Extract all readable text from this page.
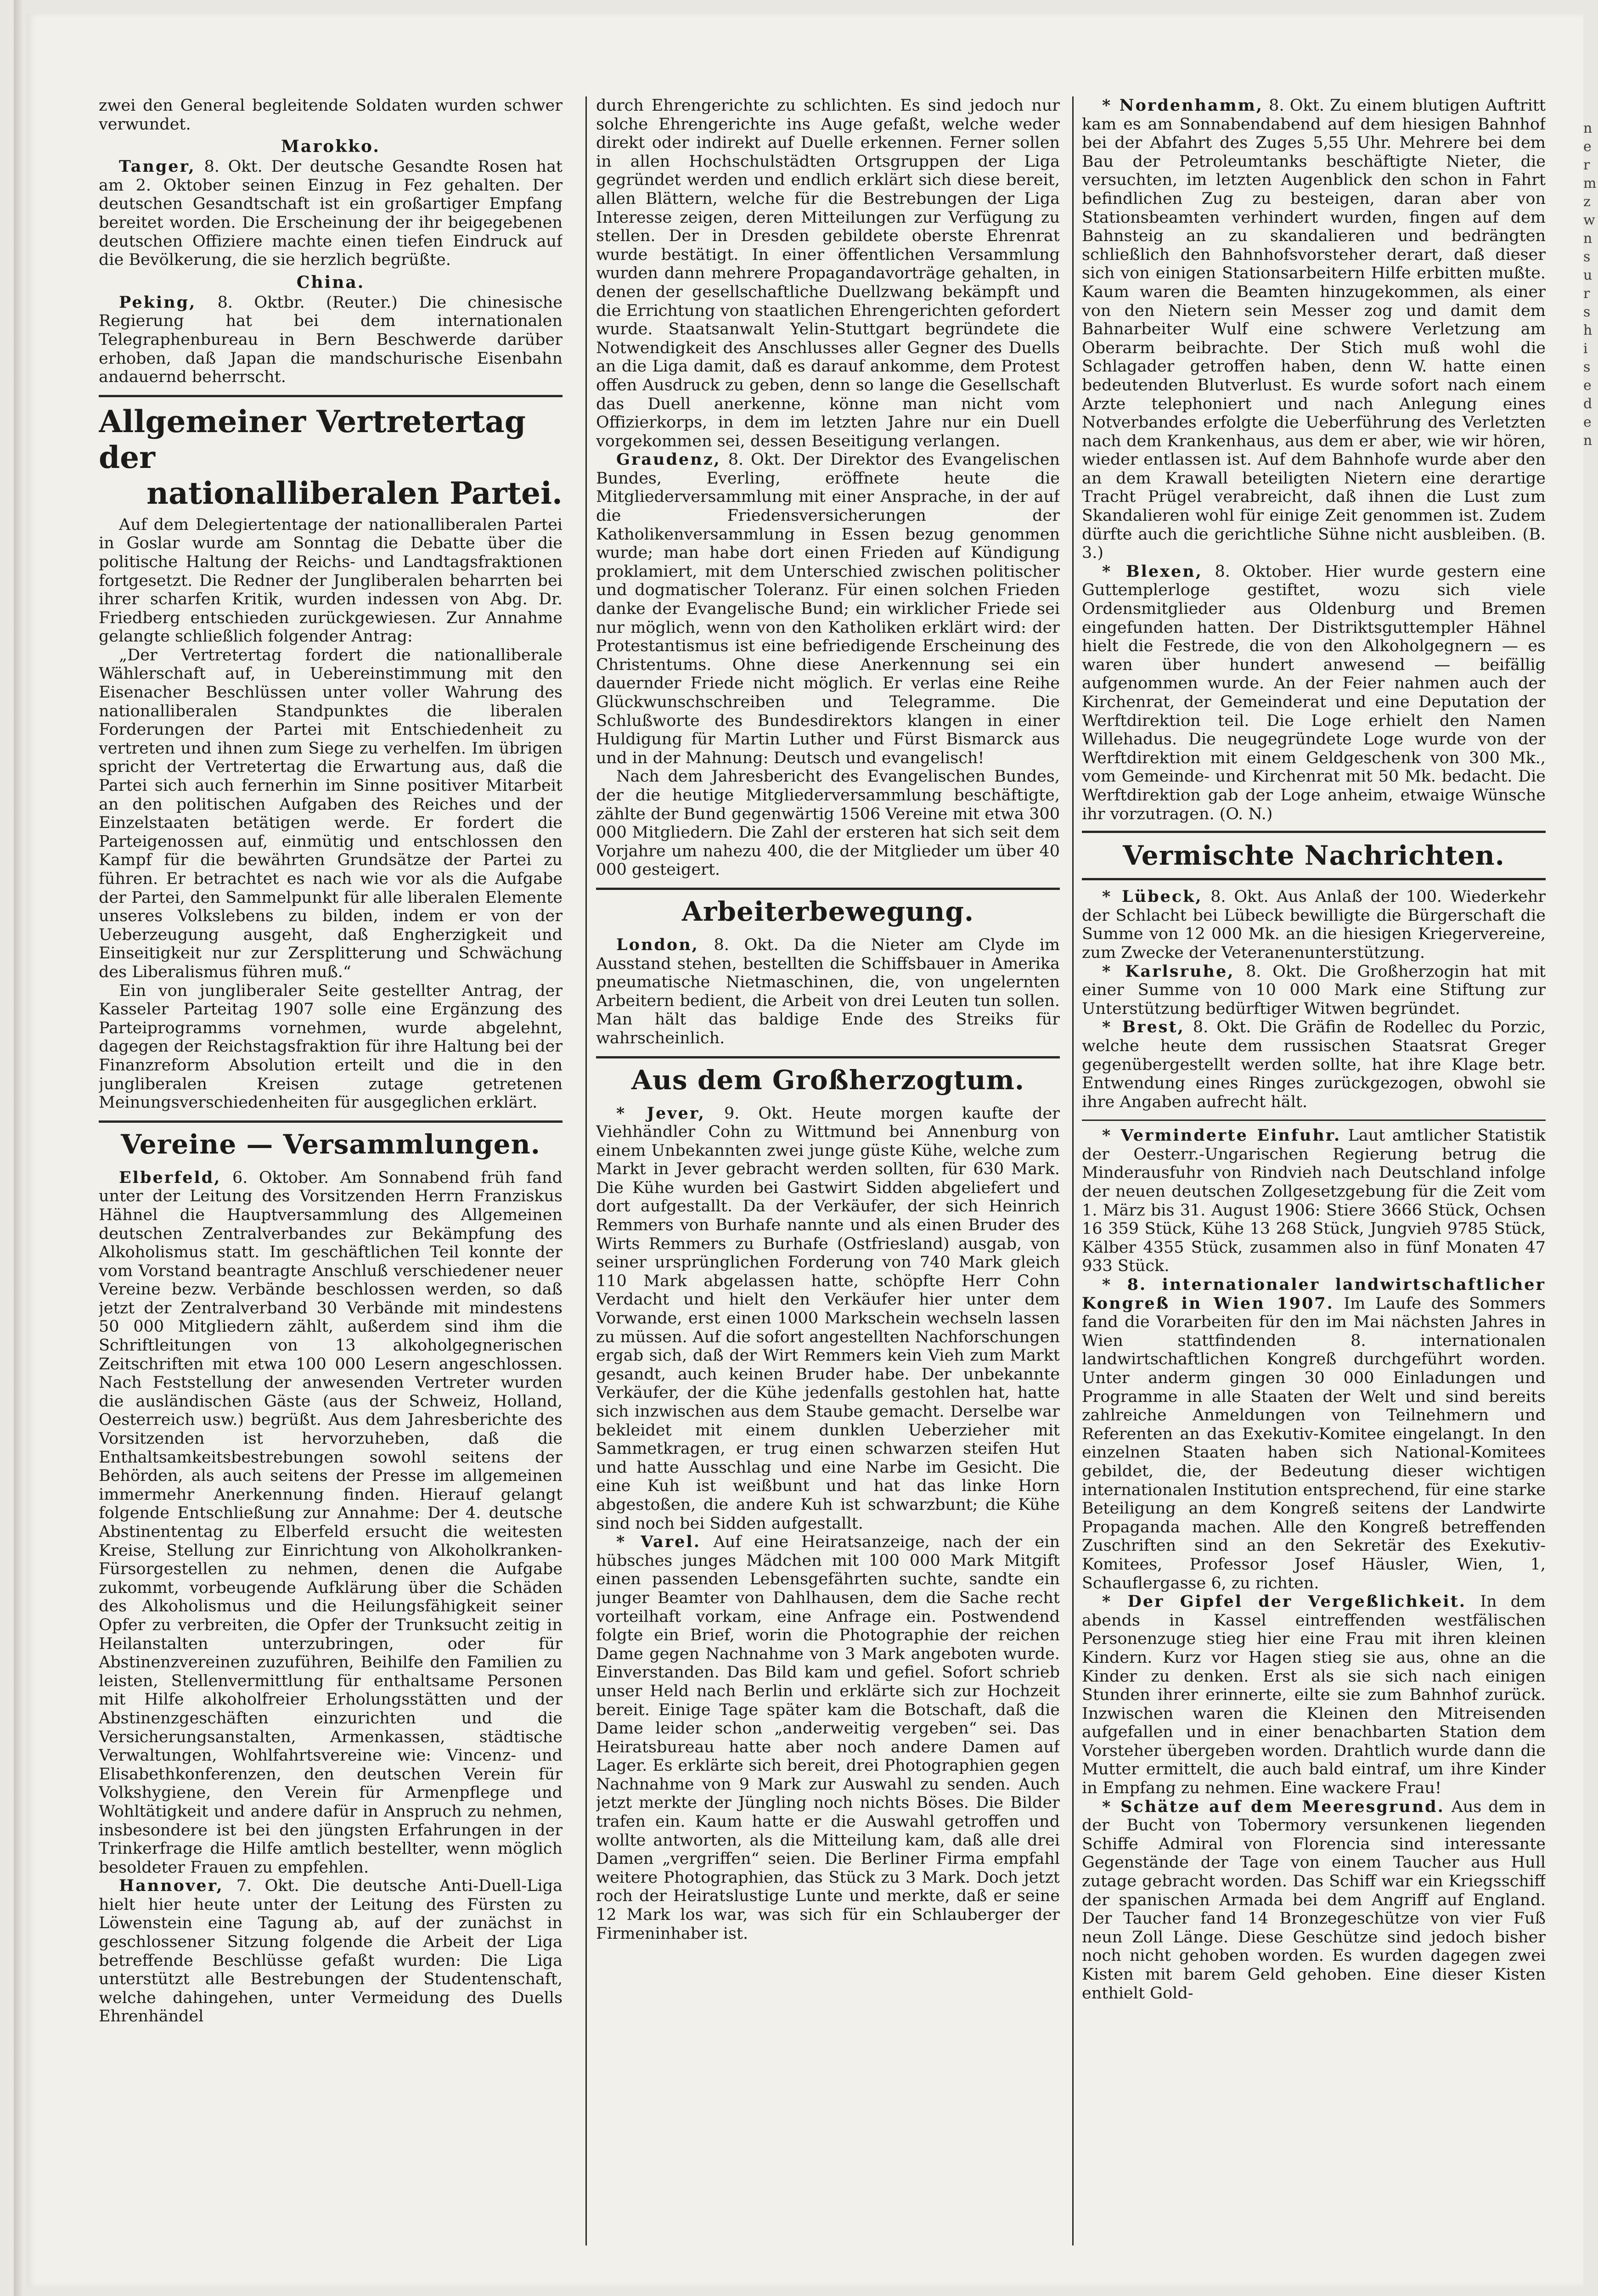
zwei den General begleitende Soldaten wurden schwer verwundet.

Marokko.

Tanger, 8. Okt. Der deutsche Gesandte Rosen hat am 2. Oktober seinen Einzug in Fez gehalten. Der deutschen Gesandtschaft ist ein großartiger Empfang bereitet worden. Die Erscheinung der ihr beigegebenen deutschen Offiziere machte einen tiefen Eindruck auf die Bevölkerung, die sie herzlich begrüßte.

China.

Peking, 8. Oktbr. (Reuter.) Die chinesische Regierung hat bei dem internationalen Telegraphenbureau in Bern Beschwerde darüber erhoben, daß Japan die mandschurische Eisenbahn andauernd beherrscht.

Allgemeiner Vertretertag der
nationalliberalen Partei.

Auf dem Delegiertentage der nationalliberalen Partei in Goslar wurde am Sonntag die Debatte über die politische Haltung der Reichs- und Landtagsfraktionen fortgesetzt. Die Redner der Jungliberalen beharrten bei ihrer scharfen Kritik, wurden indessen von Abg. Dr. Friedberg entschieden zurückgewiesen. Zur Annahme gelangte schließlich folgender Antrag:

„Der Vertretertag fordert die nationalliberale Wählerschaft auf, in Uebereinstimmung mit den Eisenacher Beschlüssen unter voller Wahrung des nationalliberalen Standpunktes die liberalen Forderungen der Partei mit Entschiedenheit zu vertreten und ihnen zum Siege zu verhelfen. Im übrigen spricht der Vertretertag die Erwartung aus, daß die Partei sich auch fernerhin im Sinne positiver Mitarbeit an den politischen Aufgaben des Reiches und der Einzelstaaten betätigen werde. Er fordert die Parteigenossen auf, einmütig und entschlossen den Kampf für die bewährten Grundsätze der Partei zu führen. Er betrachtet es nach wie vor als die Aufgabe der Partei, den Sammelpunkt für alle liberalen Elemente unseres Volkslebens zu bilden, indem er von der Ueberzeugung ausgeht, daß Engherzigkeit und Einseitigkeit nur zur Zersplitterung und Schwächung des Liberalismus führen muß.“

Ein von jungliberaler Seite gestellter Antrag, der Kasseler Parteitag 1907 solle eine Ergänzung des Parteiprogramms vornehmen, wurde abgelehnt, dagegen der Reichstagsfraktion für ihre Haltung bei der Finanzreform Absolution erteilt und die in den jungliberalen Kreisen zutage getretenen Meinungsverschiedenheiten für ausgeglichen erklärt.

Vereine — Versammlungen.

Elberfeld, 6. Oktober. Am Sonnabend früh fand unter der Leitung des Vorsitzenden Herrn Franziskus Hähnel die Hauptversammlung des Allgemeinen deutschen Zentralverbandes zur Bekämpfung des Alkoholismus statt. Im geschäftlichen Teil konnte der vom Vorstand beantragte Anschluß verschiedener neuer Vereine bezw. Verbände beschlossen werden, so daß jetzt der Zentralverband 30 Verbände mit mindestens 50 000 Mitgliedern zählt, außerdem sind ihm die Schriftleitungen von 13 alkoholgegnerischen Zeitschriften mit etwa 100 000 Lesern angeschlossen. Nach Feststellung der anwesenden Vertreter wurden die ausländischen Gäste (aus der Schweiz, Holland, Oesterreich usw.) begrüßt. Aus dem Jahresberichte des Vorsitzenden ist hervorzuheben, daß die Enthaltsamkeitsbestrebungen sowohl seitens der Behörden, als auch seitens der Presse im allgemeinen immermehr Anerkennung finden. Hierauf gelangt folgende Entschließung zur Annahme: Der 4. deutsche Abstinententag zu Elberfeld ersucht die weitesten Kreise, Stellung zur Einrichtung von Alkoholkranken-Fürsorgestellen zu nehmen, denen die Aufgabe zukommt, vorbeugende Aufklärung über die Schäden des Alkoholismus und die Heilungsfähigkeit seiner Opfer zu verbreiten, die Opfer der Trunksucht zeitig in Heilanstalten unterzubringen, oder für Abstinenzvereinen zuzuführen, Beihilfe den Familien zu leisten, Stellenvermittlung für enthaltsame Personen mit Hilfe alkoholfreier Erholungsstätten und der Abstinenzgeschäften einzurichten und die Versicherungsanstalten, Armenkassen, städtische Verwaltungen, Wohlfahrtsvereine wie: Vincenz- und Elisabethkonferenzen, den deutschen Verein für Volkshygiene, den Verein für Armenpflege und Wohltätigkeit und andere dafür in Anspruch zu nehmen, insbesondere ist bei den jüngsten Erfahrungen in der Trinkerfrage die Hilfe amtlich bestellter, wenn möglich besoldeter Frauen zu empfehlen.

Hannover, 7. Okt. Die deutsche Anti-Duell-Liga hielt hier heute unter der Leitung des Fürsten zu Löwenstein eine Tagung ab, auf der zunächst in geschlossener Sitzung folgende die Arbeit der Liga betreffende Beschlüsse gefaßt wurden: Die Liga unterstützt alle Bestrebungen der Studentenschaft, welche dahingehen, unter Vermeidung des Duells Ehrenhändel

durch Ehrengerichte zu schlichten. Es sind jedoch nur solche Ehrengerichte ins Auge gefaßt, welche weder direkt oder indirekt auf Duelle erkennen. Ferner sollen in allen Hochschulstädten Ortsgruppen der Liga gegründet werden und endlich erklärt sich diese bereit, allen Blättern, welche für die Bestrebungen der Liga Interesse zeigen, deren Mitteilungen zur Verfügung zu stellen. Der in Dresden gebildete oberste Ehrenrat wurde bestätigt. In einer öffentlichen Versammlung wurden dann mehrere Propagandavorträge gehalten, in denen der gesellschaftliche Duellzwang bekämpft und die Errichtung von staatlichen Ehrengerichten gefordert wurde. Staatsanwalt Yelin-Stuttgart begründete die Notwendigkeit des Anschlusses aller Gegner des Duells an die Liga damit, daß es darauf ankomme, dem Protest offen Ausdruck zu geben, denn so lange die Gesellschaft das Duell anerkenne, könne man nicht vom Offizierkorps, in dem im letzten Jahre nur ein Duell vorgekommen sei, dessen Beseitigung verlangen.

Graudenz, 8. Okt. Der Direktor des Evangelischen Bundes, Everling, eröffnete heute die Mitgliederversammlung mit einer Ansprache, in der auf die Friedensversicherungen der Katholikenversammlung in Essen bezug genommen wurde; man habe dort einen Frieden auf Kündigung proklamiert, mit dem Unterschied zwischen politischer und dogmatischer Toleranz. Für einen solchen Frieden danke der Evangelische Bund; ein wirklicher Friede sei nur möglich, wenn von den Katholiken erklärt wird: der Protestantismus ist eine befriedigende Erscheinung des Christentums. Ohne diese Anerkennung sei ein dauernder Friede nicht möglich. Er verlas eine Reihe Glückwunschschreiben und Telegramme. Die Schlußworte des Bundesdirektors klangen in einer Huldigung für Martin Luther und Fürst Bismarck aus und in der Mahnung: Deutsch und evangelisch!

Nach dem Jahresbericht des Evangelischen Bundes, der die heutige Mitgliederversammlung beschäftigte, zählte der Bund gegenwärtig 1506 Vereine mit etwa 300 000 Mitgliedern. Die Zahl der ersteren hat sich seit dem Vorjahre um nahezu 400, die der Mitglieder um über 40 000 gesteigert.

Arbeiterbewegung.

London, 8. Okt. Da die Nieter am Clyde im Ausstand stehen, bestellten die Schiffsbauer in Amerika pneumatische Nietmaschinen, die, von ungelernten Arbeitern bedient, die Arbeit von drei Leuten tun sollen. Man hält das baldige Ende des Streiks für wahrscheinlich.

Aus dem Großherzogtum.

* Jever, 9. Okt. Heute morgen kaufte der Viehhändler Cohn zu Wittmund bei Annenburg von einem Unbekannten zwei junge güste Kühe, welche zum Markt in Jever gebracht werden sollten, für 630 Mark. Die Kühe wurden bei Gastwirt Sidden abgeliefert und dort aufgestallt. Da der Verkäufer, der sich Heinrich Remmers von Burhafe nannte und als einen Bruder des Wirts Remmers zu Burhafe (Ostfriesland) ausgab, von seiner ursprünglichen Forderung von 740 Mark gleich 110 Mark abgelassen hatte, schöpfte Herr Cohn Verdacht und hielt den Verkäufer hier unter dem Vorwande, erst einen 1000 Markschein wechseln lassen zu müssen. Auf die sofort angestellten Nachforschungen ergab sich, daß der Wirt Remmers kein Vieh zum Markt gesandt, auch keinen Bruder habe. Der unbekannte Verkäufer, der die Kühe jedenfalls gestohlen hat, hatte sich inzwischen aus dem Staube gemacht. Derselbe war bekleidet mit einem dunklen Ueberzieher mit Sammetkragen, er trug einen schwarzen steifen Hut und hatte Ausschlag und eine Narbe im Gesicht. Die eine Kuh ist weißbunt und hat das linke Horn abgestoßen, die andere Kuh ist schwarzbunt; die Kühe sind noch bei Sidden aufgestallt.

* Varel. Auf eine Heiratsanzeige, nach der ein hübsches junges Mädchen mit 100 000 Mark Mitgift einen passenden Lebensgefährten suchte, sandte ein junger Beamter von Dahlhausen, dem die Sache recht vorteilhaft vorkam, eine Anfrage ein. Postwendend folgte ein Brief, worin die Photographie der reichen Dame gegen Nachnahme von 3 Mark angeboten wurde. Einverstanden. Das Bild kam und gefiel. Sofort schrieb unser Held nach Berlin und erklärte sich zur Hochzeit bereit. Einige Tage später kam die Botschaft, daß die Dame leider schon „anderweitig vergeben“ sei. Das Heiratsbureau hatte aber noch andere Damen auf Lager. Es erklärte sich bereit, drei Photographien gegen Nachnahme von 9 Mark zur Auswahl zu senden. Auch jetzt merkte der Jüngling noch nichts Böses. Die Bilder trafen ein. Kaum hatte er die Auswahl getroffen und wollte antworten, als die Mitteilung kam, daß alle drei Damen „vergriffen“ seien. Die Berliner Firma empfahl weitere Photographien, das Stück zu 3 Mark. Doch jetzt roch der Heiratslustige Lunte und merkte, daß er seine 12 Mark los war, was sich für ein Schlauberger der Firmeninhaber ist.

* Nordenhamm, 8. Okt. Zu einem blutigen Auftritt kam es am Sonnabendabend auf dem hiesigen Bahnhof bei der Abfahrt des Zuges 5,55 Uhr. Mehrere bei dem Bau der Petroleumtanks beschäftigte Nieter, die versuchten, im letzten Augenblick den schon in Fahrt befindlichen Zug zu besteigen, daran aber von Stationsbeamten verhindert wurden, fingen auf dem Bahnsteig an zu skandalieren und bedrängten schließlich den Bahnhofsvorsteher derart, daß dieser sich von einigen Stationsarbeitern Hilfe erbitten mußte. Kaum waren die Beamten hinzugekommen, als einer von den Nietern sein Messer zog und damit dem Bahnarbeiter Wulf eine schwere Verletzung am Oberarm beibrachte. Der Stich muß wohl die Schlagader getroffen haben, denn W. hatte einen bedeutenden Blutverlust. Es wurde sofort nach einem Arzte telephoniert und nach Anlegung eines Notverbandes erfolgte die Ueberführung des Verletzten nach dem Krankenhaus, aus dem er aber, wie wir hören, wieder entlassen ist. Auf dem Bahnhofe wurde aber den an dem Krawall beteiligten Nietern eine derartige Tracht Prügel verabreicht, daß ihnen die Lust zum Skandalieren wohl für einige Zeit genommen ist. Zudem dürfte auch die gerichtliche Sühne nicht ausbleiben. (B. 3.)

* Blexen, 8. Oktober. Hier wurde gestern eine Guttemplerloge gestiftet, wozu sich viele Ordensmitglieder aus Oldenburg und Bremen eingefunden hatten. Der Distriktsguttempler Hähnel hielt die Festrede, die von den Alkoholgegnern — es waren über hundert anwesend — beifällig aufgenommen wurde. An der Feier nahmen auch der Kirchenrat, der Gemeinderat und eine Deputation der Werftdirektion teil. Die Loge erhielt den Namen Willehadus. Die neugegründete Loge wurde von der Werftdirektion mit einem Geldgeschenk von 300 Mk., vom Gemeinde- und Kirchenrat mit 50 Mk. bedacht. Die Werftdirektion gab der Loge anheim, etwaige Wünsche ihr vorzutragen. (O. N.)

Vermischte Nachrichten.

* Lübeck, 8. Okt. Aus Anlaß der 100. Wiederkehr der Schlacht bei Lübeck bewilligte die Bürgerschaft die Summe von 12 000 Mk. an die hiesigen Kriegervereine, zum Zwecke der Veteranenunterstützung.

* Karlsruhe, 8. Okt. Die Großherzogin hat mit einer Summe von 10 000 Mark eine Stiftung zur Unterstützung bedürftiger Witwen begründet.

* Brest, 8. Okt. Die Gräfin de Rodellec du Porzic, welche heute dem russischen Staatsrat Greger gegenübergestellt werden sollte, hat ihre Klage betr. Entwendung eines Ringes zurückgezogen, obwohl sie ihre Angaben aufrecht hält.

* Verminderte Einfuhr. Laut amtlicher Statistik der Oesterr.-Ungarischen Regierung betrug die Minderausfuhr von Rindvieh nach Deutschland infolge der neuen deutschen Zollgesetzgebung für die Zeit vom 1. März bis 31. August 1906: Stiere 3666 Stück, Ochsen 16 359 Stück, Kühe 13 268 Stück, Jungvieh 9785 Stück, Kälber 4355 Stück, zusammen also in fünf Monaten 47 933 Stück.

* 8. internationaler landwirtschaftlicher Kongreß in Wien 1907. Im Laufe des Sommers fand die Vorarbeiten für den im Mai nächsten Jahres in Wien stattfindenden 8. internationalen landwirtschaftlichen Kongreß durchgeführt worden. Unter anderm gingen 30 000 Einladungen und Programme in alle Staaten der Welt und sind bereits zahlreiche Anmeldungen von Teilnehmern und Referenten an das Exekutiv-Komitee eingelangt. In den einzelnen Staaten haben sich National-Komitees gebildet, die, der Bedeutung dieser wichtigen internationalen Institution entsprechend, für eine starke Beteiligung an dem Kongreß seitens der Landwirte Propaganda machen. Alle den Kongreß betreffenden Zuschriften sind an den Sekretär des Exekutiv-Komitees, Professor Josef Häusler, Wien, 1, Schauflergasse 6, zu richten.

* Der Gipfel der Vergeßlichkeit. In dem abends in Kassel eintreffenden westfälischen Personenzuge stieg hier eine Frau mit ihren kleinen Kindern. Kurz vor Hagen stieg sie aus, ohne an die Kinder zu denken. Erst als sie sich nach einigen Stunden ihrer erinnerte, eilte sie zum Bahnhof zurück. Inzwischen waren die Kleinen den Mitreisenden aufgefallen und in einer benachbarten Station dem Vorsteher übergeben worden. Drahtlich wurde dann die Mutter ermittelt, die auch bald eintraf, um ihre Kinder in Empfang zu nehmen. Eine wackere Frau!

* Schätze auf dem Meeresgrund. Aus dem in der Bucht von Tobermory versunkenen liegenden Schiffe Admiral von Florencia sind interessante Gegenstände der Tage von einem Taucher aus Hull zutage gebracht worden. Das Schiff war ein Kriegsschiff der spanischen Armada bei dem Angriff auf England. Der Taucher fand 14 Bronzegeschütze von vier Fuß neun Zoll Länge. Diese Geschütze sind jedoch bisher noch nicht gehoben worden. Es wurden dagegen zwei Kisten mit barem Geld gehoben. Eine dieser Kisten enthielt Gold-

n
e
r
m
z
w
n
s
u
r
s
h
i
s
e
d
e
n
